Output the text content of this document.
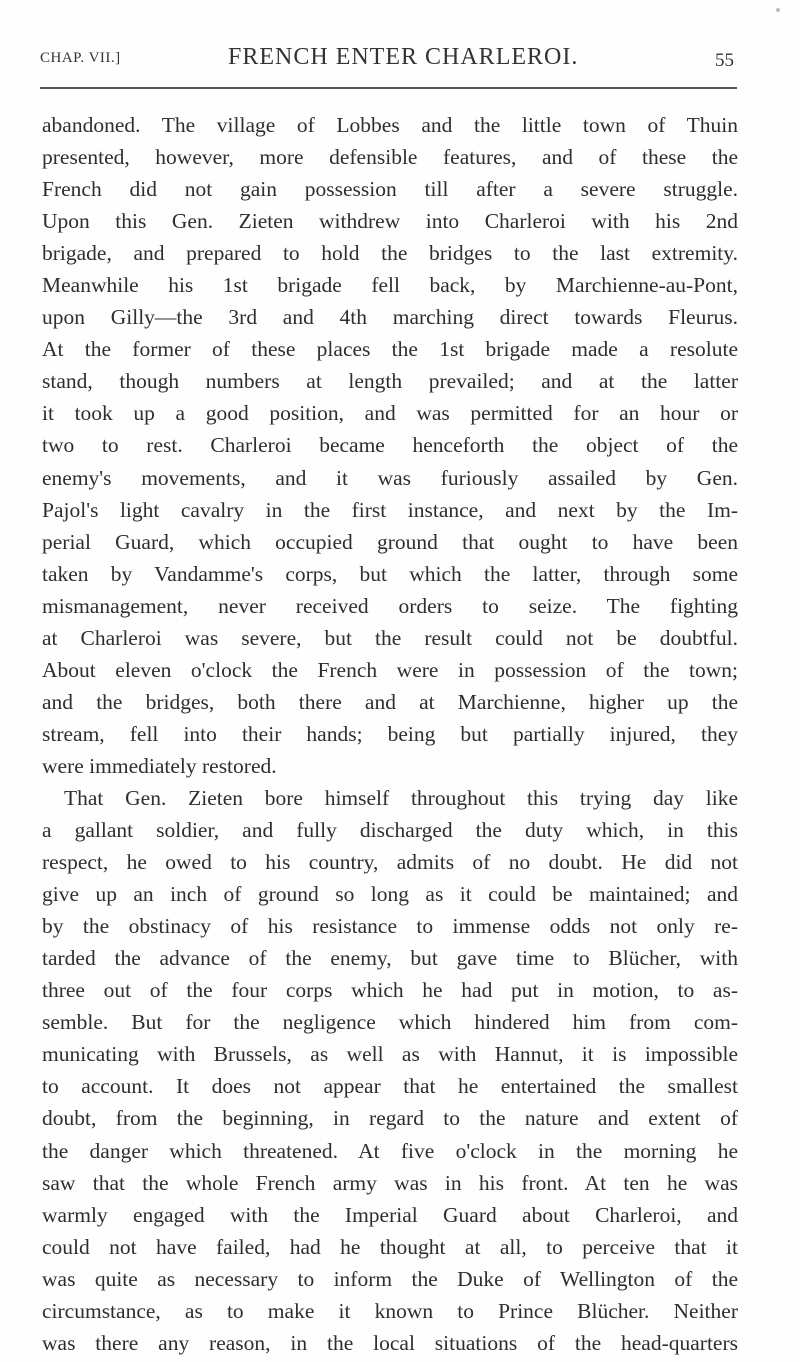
CHAP. VII.]	FRENCH ENTER CHARLEROI.	55
abandoned. The village of Lobbes and the little town of Thuin
presented, however, more defensible features, and of these the
French did not gain possession till after a severe struggle.
Upon this Gen. Zieten withdrew into Charleroi with his 2nd
brigade, and prepared to hold the bridges to the last extremity.
Meanwhile his 1st brigade fell back, by Marchienne-au-Pont,
upon Gilly—the 3rd and 4th marching direct towards Fleurus.
At the former of these places the 1st brigade made a resolute
stand, though numbers at length prevailed; and at the latter
it took up a good position, and was permitted for an hour or
two to rest. Charleroi became henceforth the object of the
enemy's movements, and it was furiously assailed by Gen.
Pajol's light cavalry in the first instance, and next by the Im-
perial Guard, which occupied ground that ought to have been
taken by Vandamme's corps, but which the latter, through some
mismanagement, never received orders to seize. The fighting
at Charleroi was severe, but the result could not be doubtful.
About eleven o'clock the French were in possession of the town;
and the bridges, both there and at Marchienne, higher up the
stream, fell into their hands; being but partially injured, they
were immediately restored.
That Gen. Zieten bore himself throughout this trying day like
a gallant soldier, and fully discharged the duty which, in this
respect, he owed to his country, admits of no doubt. He did not
give up an inch of ground so long as it could be maintained; and
by the obstinacy of his resistance to immense odds not only re-
tarded the advance of the enemy, but gave time to Blücher, with
three out of the four corps which he had put in motion, to as-
semble. But for the negligence which hindered him from com-
municating with Brussels, as well as with Hannut, it is impossible
to account. It does not appear that he entertained the smallest
doubt, from the beginning, in regard to the nature and extent of
the danger which threatened. At five o'clock in the morning he
saw that the whole French army was in his front. At ten he was
warmly engaged with the Imperial Guard about Charleroi, and
could not have failed, had he thought at all, to perceive that it
was quite as necessary to inform the Duke of Wellington of the
circumstance, as to make it known to Prince Blücher. Neither
was there any reason, in the local situations of the head-quarters
